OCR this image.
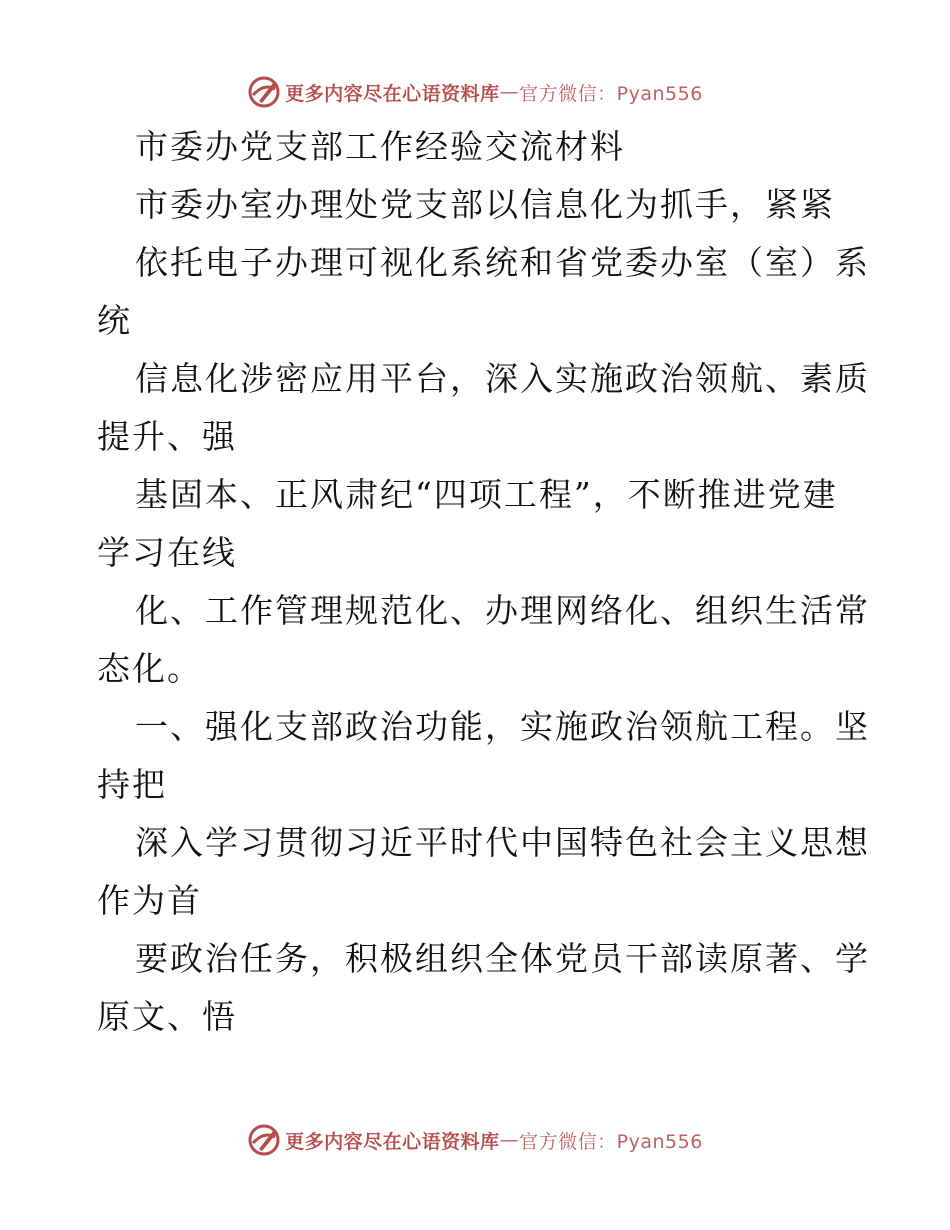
更多内容尽在心语资料库 — 官方微信：Pyan556
市委办党支部工作经验交流材料
市委办室办理处党支部以信息化为抓手，紧紧
依托电子办理可视化系统和省党委办室（室）系
统
信息化涉密应用平台，深入实施政治领航、素质
提升、强
基固本、正风肃纪“四项工程”，不断推进党建
学习在线
化、工作管理规范化、办理网络化、组织生活常
态化。
一、强化支部政治功能，实施政治领航工程。坚
持把
深入学习贯彻习近平时代中国特色社会主义思想
作为首
要政治任务，积极组织全体党员干部读原著、学
原文、悟
更多内容尽在心语资料库 — 官方微信：Pyan556
